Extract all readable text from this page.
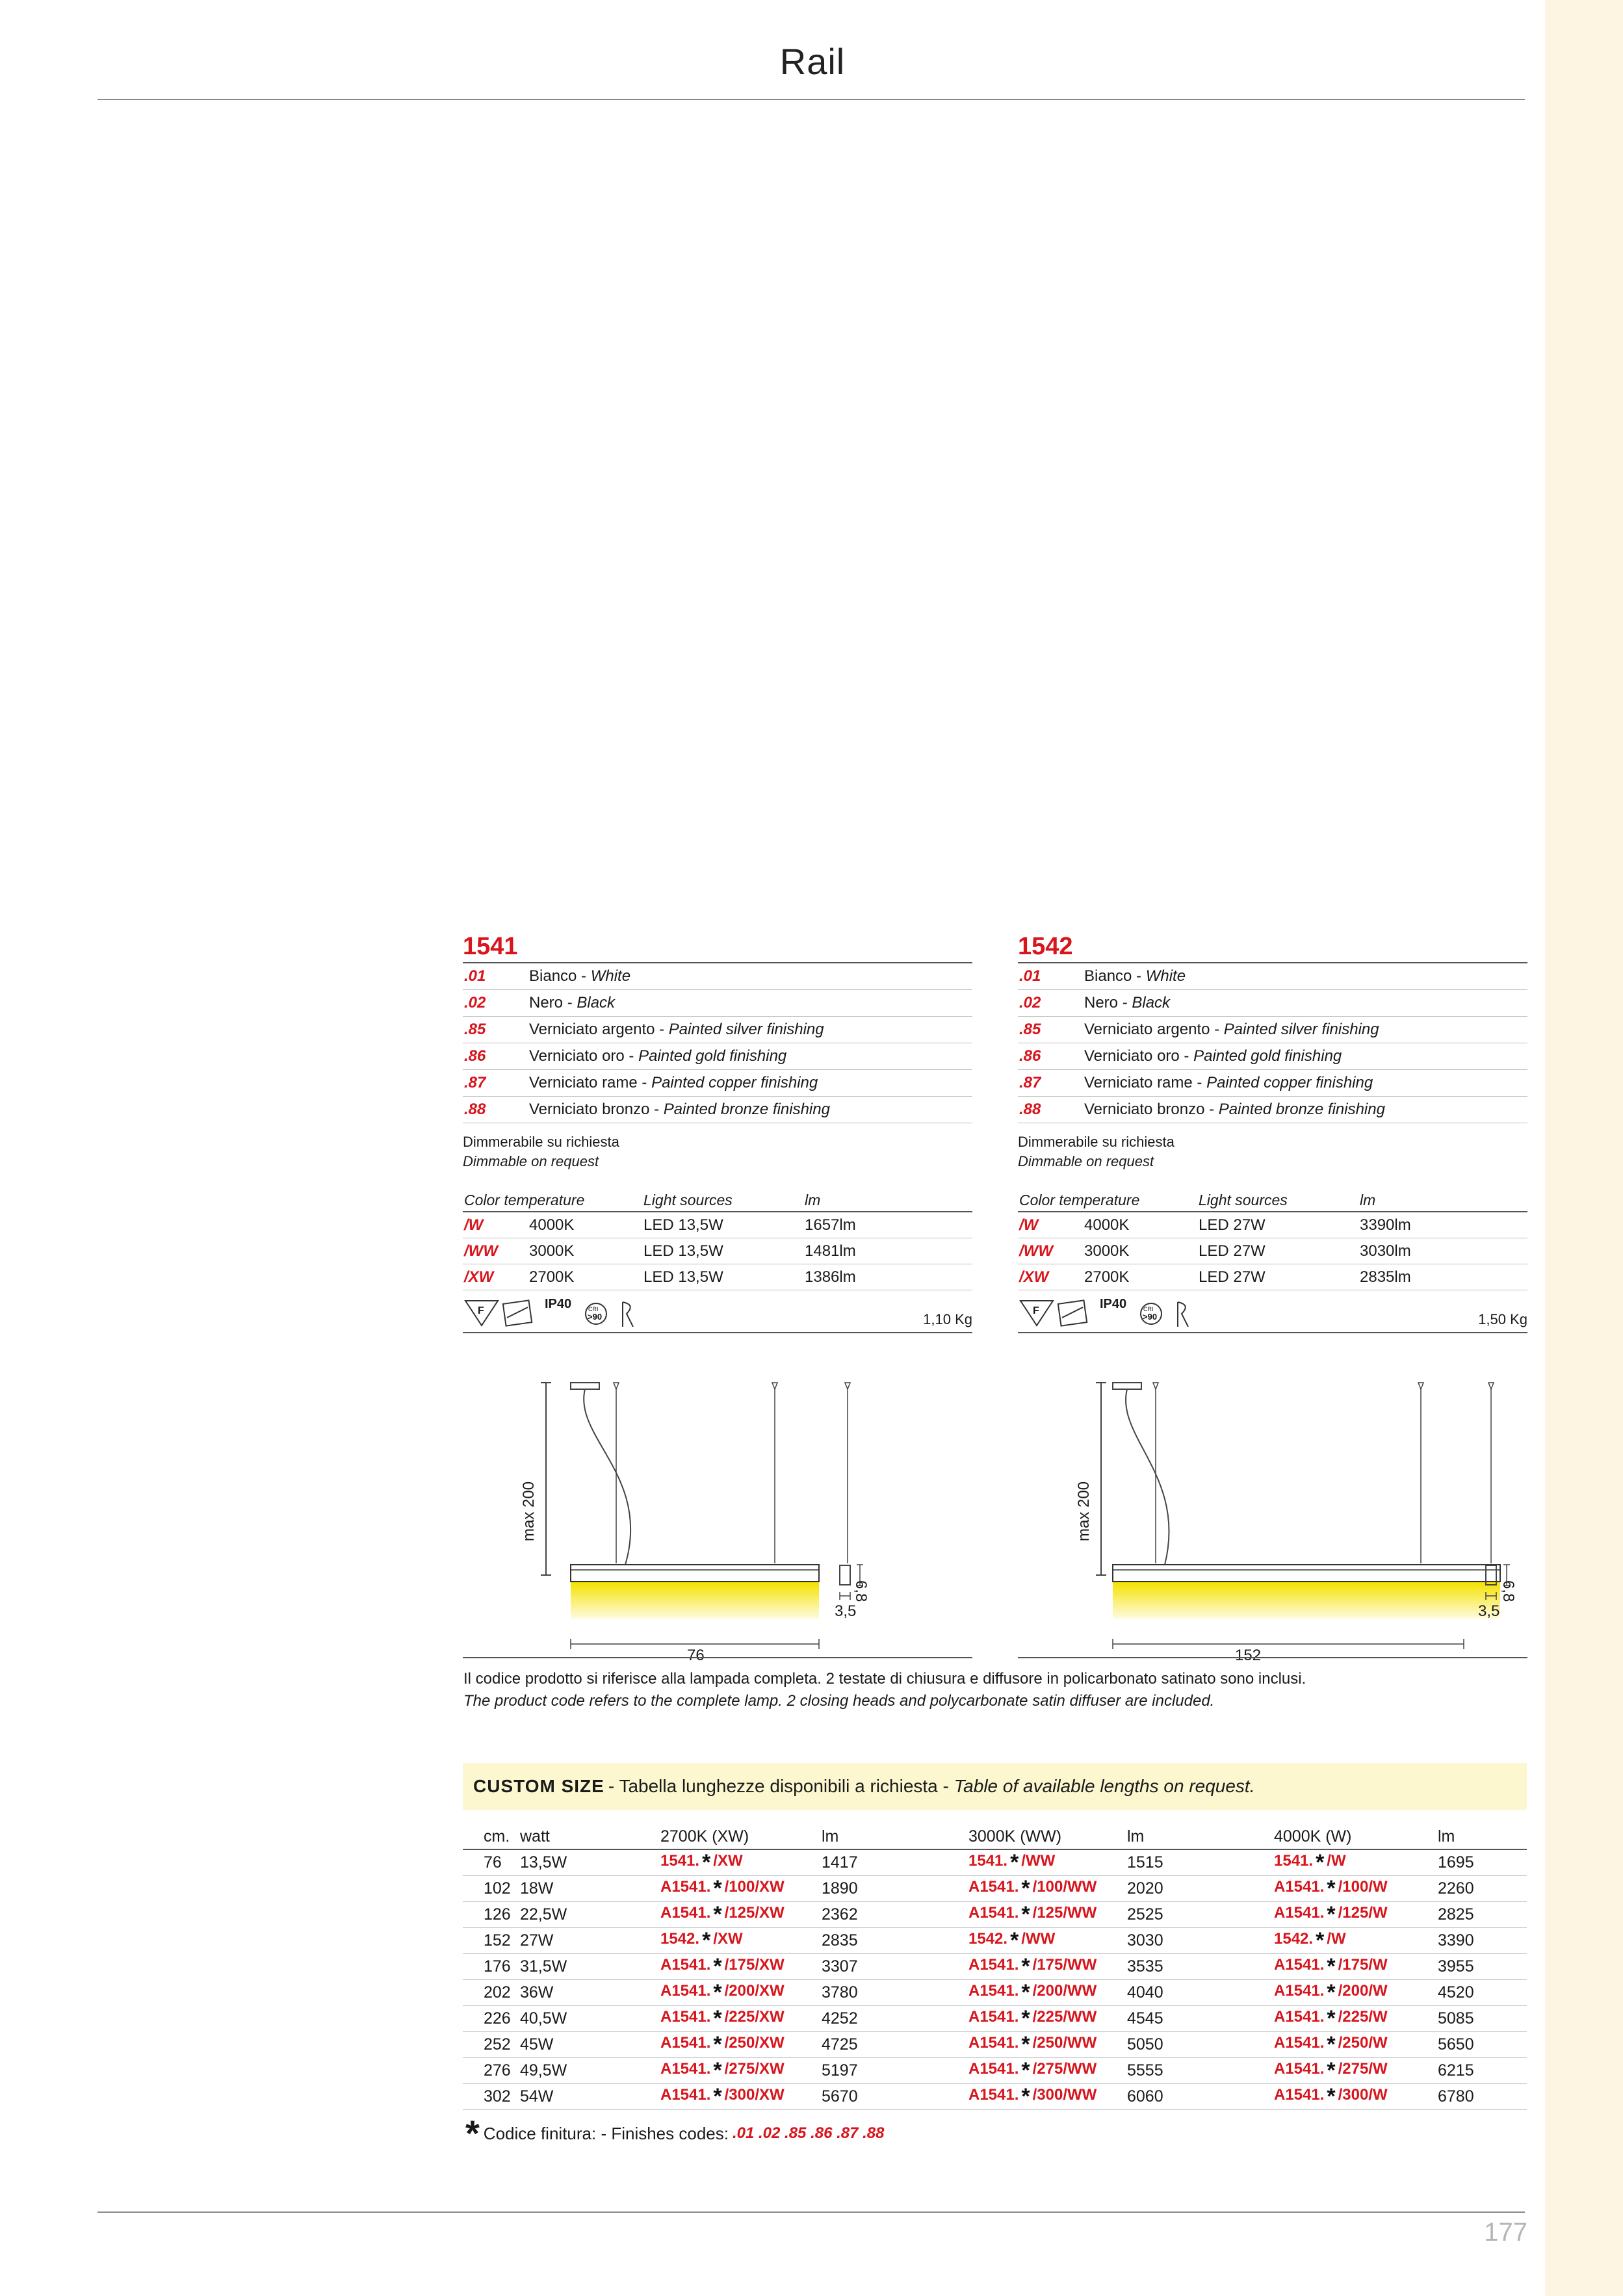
Rail
1541
.01	Bianco - White
.02	Nero - Black
.85	Verniciato argento - Painted silver finishing
.86	Verniciato oro - Painted gold finishing
.87	Verniciato rame - Painted copper finishing
.88	Verniciato bronzo - Painted bronze finishing
Dimmerabile su richiesta
Dimmable on request
Color temperature	Light sources	lm
/W	4000K	LED 13,5W	1657lm
/WW	3000K	LED 13,5W	1481lm
/XW	2700K	LED 13,5W	1386lm
F	IP40	CRI
>90	1,10 Kg
max 200
6,8
3,5
76
1542
.01	Bianco - White
.02	Nero - Black
.85	Verniciato argento - Painted silver finishing
.86	Verniciato oro - Painted gold finishing
.87	Verniciato rame - Painted copper finishing
.88	Verniciato bronzo - Painted bronze finishing
Dimmerabile su richiesta
Dimmable on request
Color temperature	Light sources	lm
/W	4000K	LED 27W	3390lm
/WW	3000K	LED 27W	3030lm
/XW	2700K	LED 27W	2835lm
F	IP40	CRI
>90	1,50 Kg
max 200
6,8
3,5
152
Il codice prodotto si riferisce alla lampada completa. 2 testate di chiusura e diffusore in policarbonato satinato sono inclusi.
The product code refers to the complete lamp. 2 closing heads and polycarbonate satin diffuser are included.
CUSTOM SIZE - Tabella lunghezze disponibili a richiesta -
Table of available lengths on request.
cm.	watt	2700K (XW)	lm	3000K (WW)	lm	4000K (W)	lm
76	13,5W	1541. * /XW	1417	1541. * /WW	1515	1541. * /W	1695
102	18W	A1541. * /100/XW	1890	A1541. * /100/WW	2020	A1541. * /100/W	2260
126	22,5W	A1541. * /125/XW	2362	A1541. * /125/WW	2525	A1541. * /125/W	2825
152	27W	1542. * /XW	2835	1542. * /WW	3030	1542. * /W	3390
176	31,5W	A1541. * /175/XW	3307	A1541. * /175/WW	3535	A1541. * /175/W	3955
202	36W	A1541. * /200/XW	3780	A1541. * /200/WW	4040	A1541. * /200/W	4520
226	40,5W	A1541. * /225/XW	4252	A1541. * /225/WW	4545	A1541. * /225/W	5085
252	45W	A1541. * /250/XW	4725	A1541. * /250/WW	5050	A1541. * /250/W	5650
276	49,5W	A1541. * /275/XW	5197	A1541. * /275/WW	5555	A1541. * /275/W	6215
302	54W	A1541. * /300/XW	5670	A1541. * /300/WW	6060	A1541. * /300/W	6780
* Codice finitura: - Finishes codes: .01 .02 .85 .86 .87 .88
177
